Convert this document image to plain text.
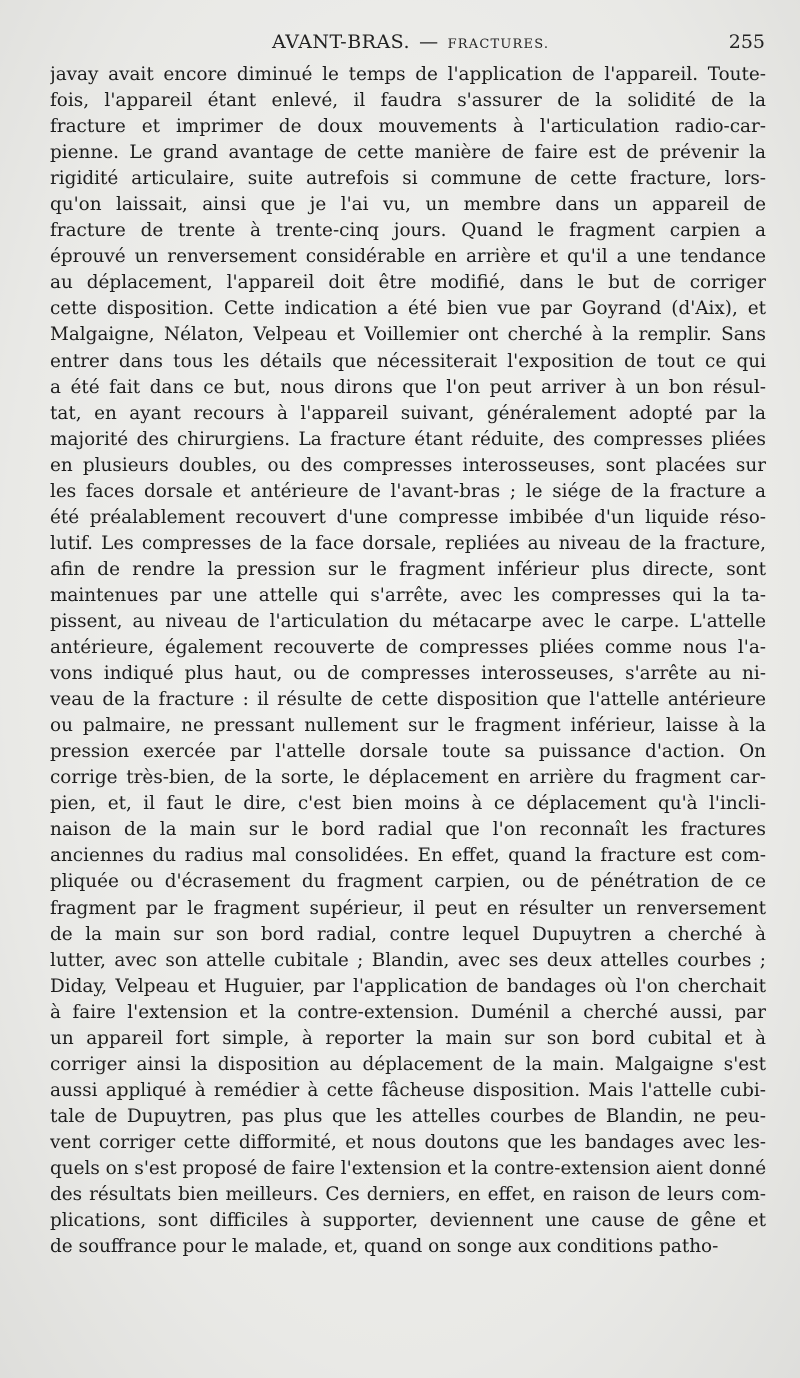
AVANT-BRAS. — FRACTURES.	255
javay avait encore diminué le temps de l'application de l'appareil. Toute-
fois, l'appareil étant enlevé, il faudra s'assurer de la solidité de la
fracture et imprimer de doux mouvements à l'articulation radio-car-
pienne. Le grand avantage de cette manière de faire est de prévenir la
rigidité articulaire, suite autrefois si commune de cette fracture, lors-
qu'on laissait, ainsi que je l'ai vu, un membre dans un appareil de
fracture de trente à trente-cinq jours. Quand le fragment carpien a
éprouvé un renversement considérable en arrière et qu'il a une tendance
au déplacement, l'appareil doit être modifié, dans le but de corriger
cette disposition. Cette indication a été bien vue par Goyrand (d'Aix), et
Malgaigne, Nélaton, Velpeau et Voillemier ont cherché à la remplir. Sans
entrer dans tous les détails que nécessiterait l'exposition de tout ce qui
a été fait dans ce but, nous dirons que l'on peut arriver à un bon résul-
tat, en ayant recours à l'appareil suivant, généralement adopté par la
majorité des chirurgiens. La fracture étant réduite, des compresses pliées
en plusieurs doubles, ou des compresses interosseuses, sont placées sur
les faces dorsale et antérieure de l'avant-bras ; le siége de la fracture a
été préalablement recouvert d'une compresse imbibée d'un liquide réso-
lutif. Les compresses de la face dorsale, repliées au niveau de la fracture,
afin de rendre la pression sur le fragment inférieur plus directe, sont
maintenues par une attelle qui s'arrête, avec les compresses qui la ta-
pissent, au niveau de l'articulation du métacarpe avec le carpe. L'attelle
antérieure, également recouverte de compresses pliées comme nous l'a-
vons indiqué plus haut, ou de compresses interosseuses, s'arrête au ni-
veau de la fracture : il résulte de cette disposition que l'attelle antérieure
ou palmaire, ne pressant nullement sur le fragment inférieur, laisse à la
pression exercée par l'attelle dorsale toute sa puissance d'action. On
corrige très-bien, de la sorte, le déplacement en arrière du fragment car-
pien, et, il faut le dire, c'est bien moins à ce déplacement qu'à l'incli-
naison de la main sur le bord radial que l'on reconnaît les fractures
anciennes du radius mal consolidées. En effet, quand la fracture est com-
pliquée ou d'écrasement du fragment carpien, ou de pénétration de ce
fragment par le fragment supérieur, il peut en résulter un renversement
de la main sur son bord radial, contre lequel Dupuytren a cherché à
lutter, avec son attelle cubitale ; Blandin, avec ses deux attelles courbes ;
Diday, Velpeau et Huguier, par l'application de bandages où l'on cherchait
à faire l'extension et la contre-extension. Duménil a cherché aussi, par
un appareil fort simple, à reporter la main sur son bord cubital et à
corriger ainsi la disposition au déplacement de la main. Malgaigne s'est
aussi appliqué à remédier à cette fâcheuse disposition. Mais l'attelle cubi-
tale de Dupuytren, pas plus que les attelles courbes de Blandin, ne peu-
vent corriger cette difformité, et nous doutons que les bandages avec les-
quels on s'est proposé de faire l'extension et la contre-extension aient donné
des résultats bien meilleurs. Ces derniers, en effet, en raison de leurs com-
plications, sont difficiles à supporter, deviennent une cause de gêne et
de souffrance pour le malade, et, quand on songe aux conditions patho-
